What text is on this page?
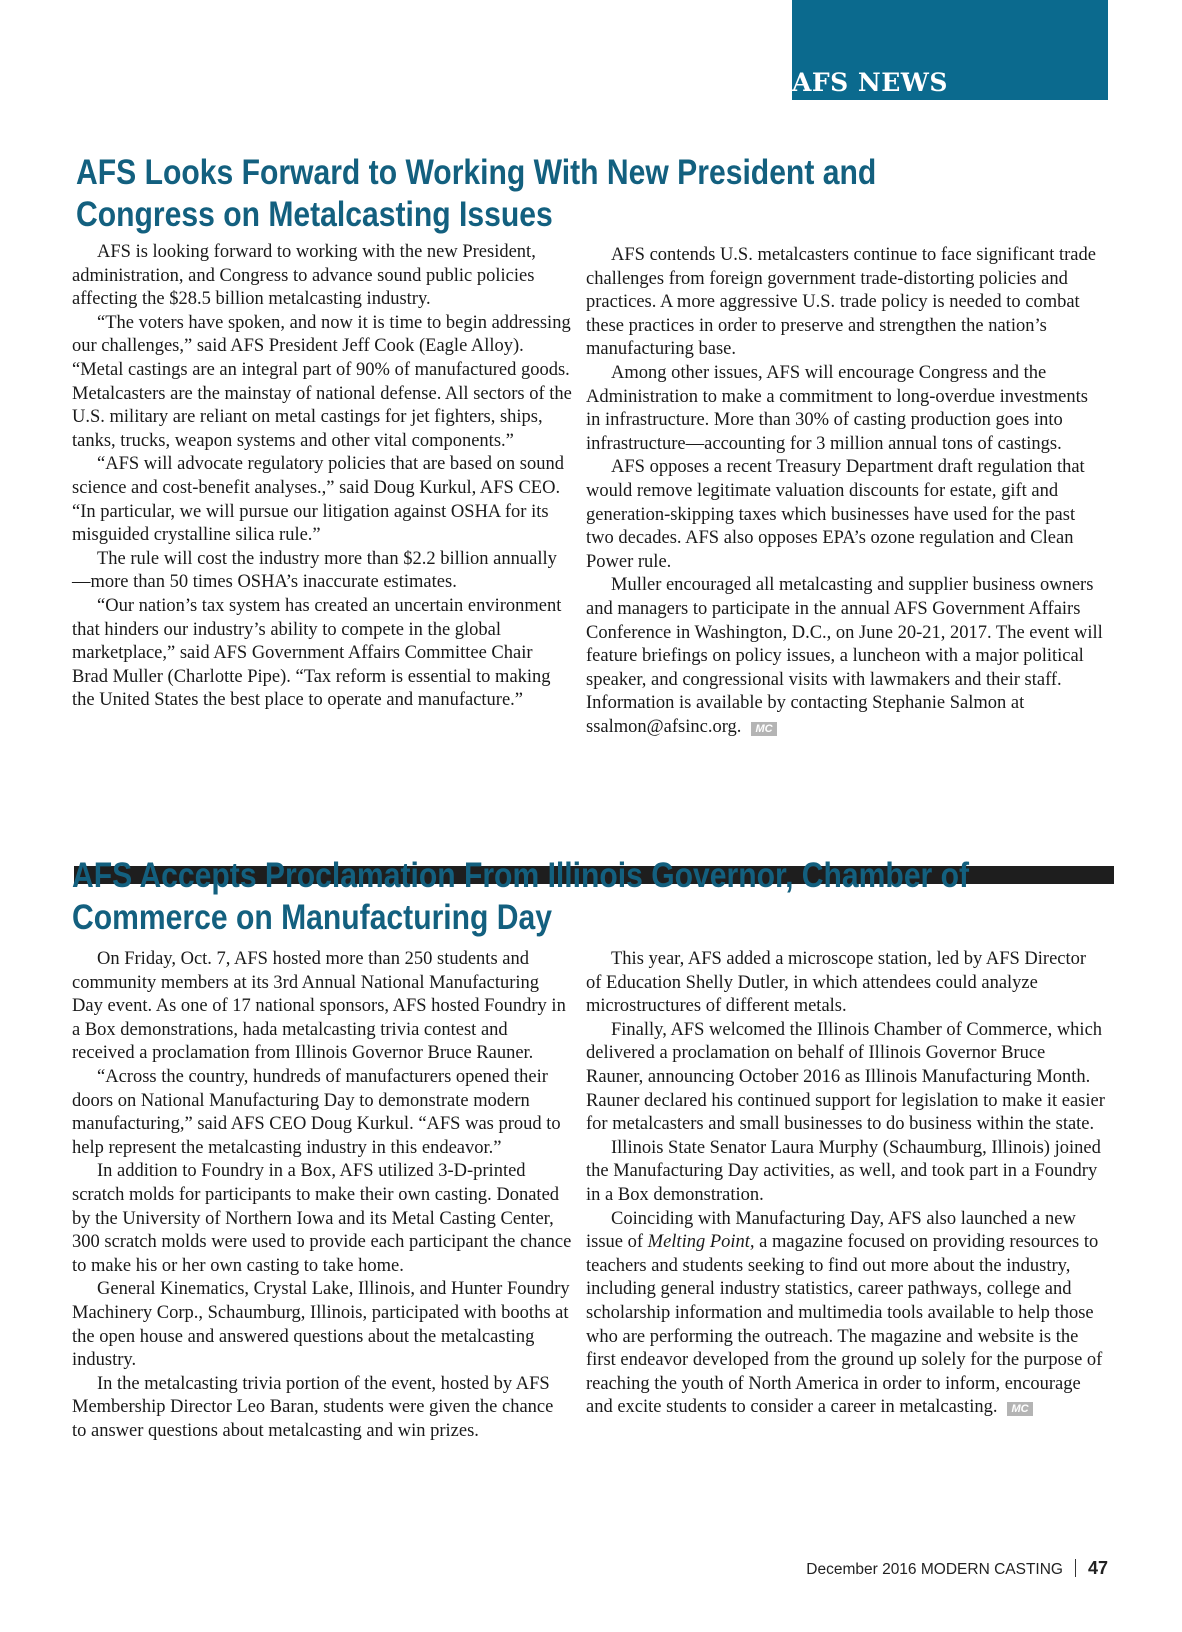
AFS NEWS
AFS Looks Forward to Working With New President and
Congress on Metalcasting Issues

AFS is looking forward to working with the new President, administration, and Congress to advance sound public policies affecting the $28.5 billion metalcasting industry.

“The voters have spoken, and now it is time to begin addressing our challenges,” said AFS President Jeff Cook (Eagle Alloy). “Metal castings are an integral part of 90% of manufactured goods. Metalcasters are the mainstay of national defense. All sectors of the U.S. military are reliant on metal castings for jet fighters, ships, tanks, trucks, weapon systems and other vital components.”

“AFS will advocate regulatory policies that are based on sound science and cost-benefit analyses.,” said Doug Kurkul, AFS CEO. “In particular, we will pursue our litigation against OSHA for its misguided crystalline silica rule.”

The rule will cost the industry more than $2.2 billion annually—more than 50 times OSHA’s inaccurate estimates.

“Our nation’s tax system has created an uncertain environment that hinders our industry’s ability to compete in the global marketplace,” said AFS Government Affairs Committee Chair Brad Muller (Charlotte Pipe). “Tax reform is essential to making the United States the best place to operate and manufacture.”

AFS contends U.S. metalcasters continue to face significant trade challenges from foreign government trade-distorting policies and practices. A more aggressive U.S. trade policy is needed to combat these practices in order to preserve and strengthen the nation’s manufacturing base.

Among other issues, AFS will encourage Congress and the Administration to make a commitment to long-overdue investments in infrastructure. More than 30% of casting production goes into infrastructure—accounting for 3 million annual tons of castings.

AFS opposes a recent Treasury Department draft regulation that would remove legitimate valuation discounts for estate, gift and generation-skipping taxes which businesses have used for the past two decades. AFS also opposes EPA’s ozone regulation and Clean Power rule.

Muller encouraged all metalcasting and supplier business owners and managers to participate in the annual AFS Government Affairs Conference in Washington, D.C., on June 20-21, 2017. The event will feature briefings on policy issues, a luncheon with a major political speaker, and congressional visits with lawmakers and their staff. Information is available by contacting Stephanie Salmon at ssalmon@afsinc.org. MC

AFS Accepts Proclamation From Illinois Governor, Chamber of
Commerce on Manufacturing Day

On Friday, Oct. 7, AFS hosted more than 250 students and community members at its 3rd Annual National Manufacturing Day event. As one of 17 national sponsors, AFS hosted Foundry in a Box demonstrations, hada metalcasting trivia contest and received a proclamation from Illinois Governor Bruce Rauner.

“Across the country, hundreds of manufacturers opened their doors on National Manufacturing Day to demonstrate modern manufacturing,” said AFS CEO Doug Kurkul. “AFS was proud to help represent the metalcasting industry in this endeavor.”

In addition to Foundry in a Box, AFS utilized 3-D-printed scratch molds for participants to make their own casting. Donated by the University of Northern Iowa and its Metal Casting Center, 300 scratch molds were used to provide each participant the chance to make his or her own casting to take home.

General Kinematics, Crystal Lake, Illinois, and Hunter Foundry Machinery Corp., Schaumburg, Illinois, participated with booths at the open house and answered questions about the metalcasting industry.

In the metalcasting trivia portion of the event, hosted by AFS Membership Director Leo Baran, students were given the chance to answer questions about metalcasting and win prizes.

This year, AFS added a microscope station, led by AFS Director of Education Shelly Dutler, in which attendees could analyze microstructures of different metals.

Finally, AFS welcomed the Illinois Chamber of Commerce, which delivered a proclamation on behalf of Illinois Governor Bruce Rauner, announcing October 2016 as Illinois Manufacturing Month. Rauner declared his continued support for legislation to make it easier for metalcasters and small businesses to do business within the state.

Illinois State Senator Laura Murphy (Schaumburg, Illinois) joined the Manufacturing Day activities, as well, and took part in a Foundry in a Box demonstration.

Coinciding with Manufacturing Day, AFS also launched a new issue of Melting Point, a magazine focused on providing resources to teachers and students seeking to find out more about the industry, including general industry statistics, career pathways, college and scholarship information and multimedia tools available to help those who are performing the outreach. The magazine and website is the first endeavor developed from the ground up solely for the purpose of reaching the youth of North America in order to inform, encourage and excite students to consider a career in metalcasting. MC

December 2016 MODERN CASTING 47
